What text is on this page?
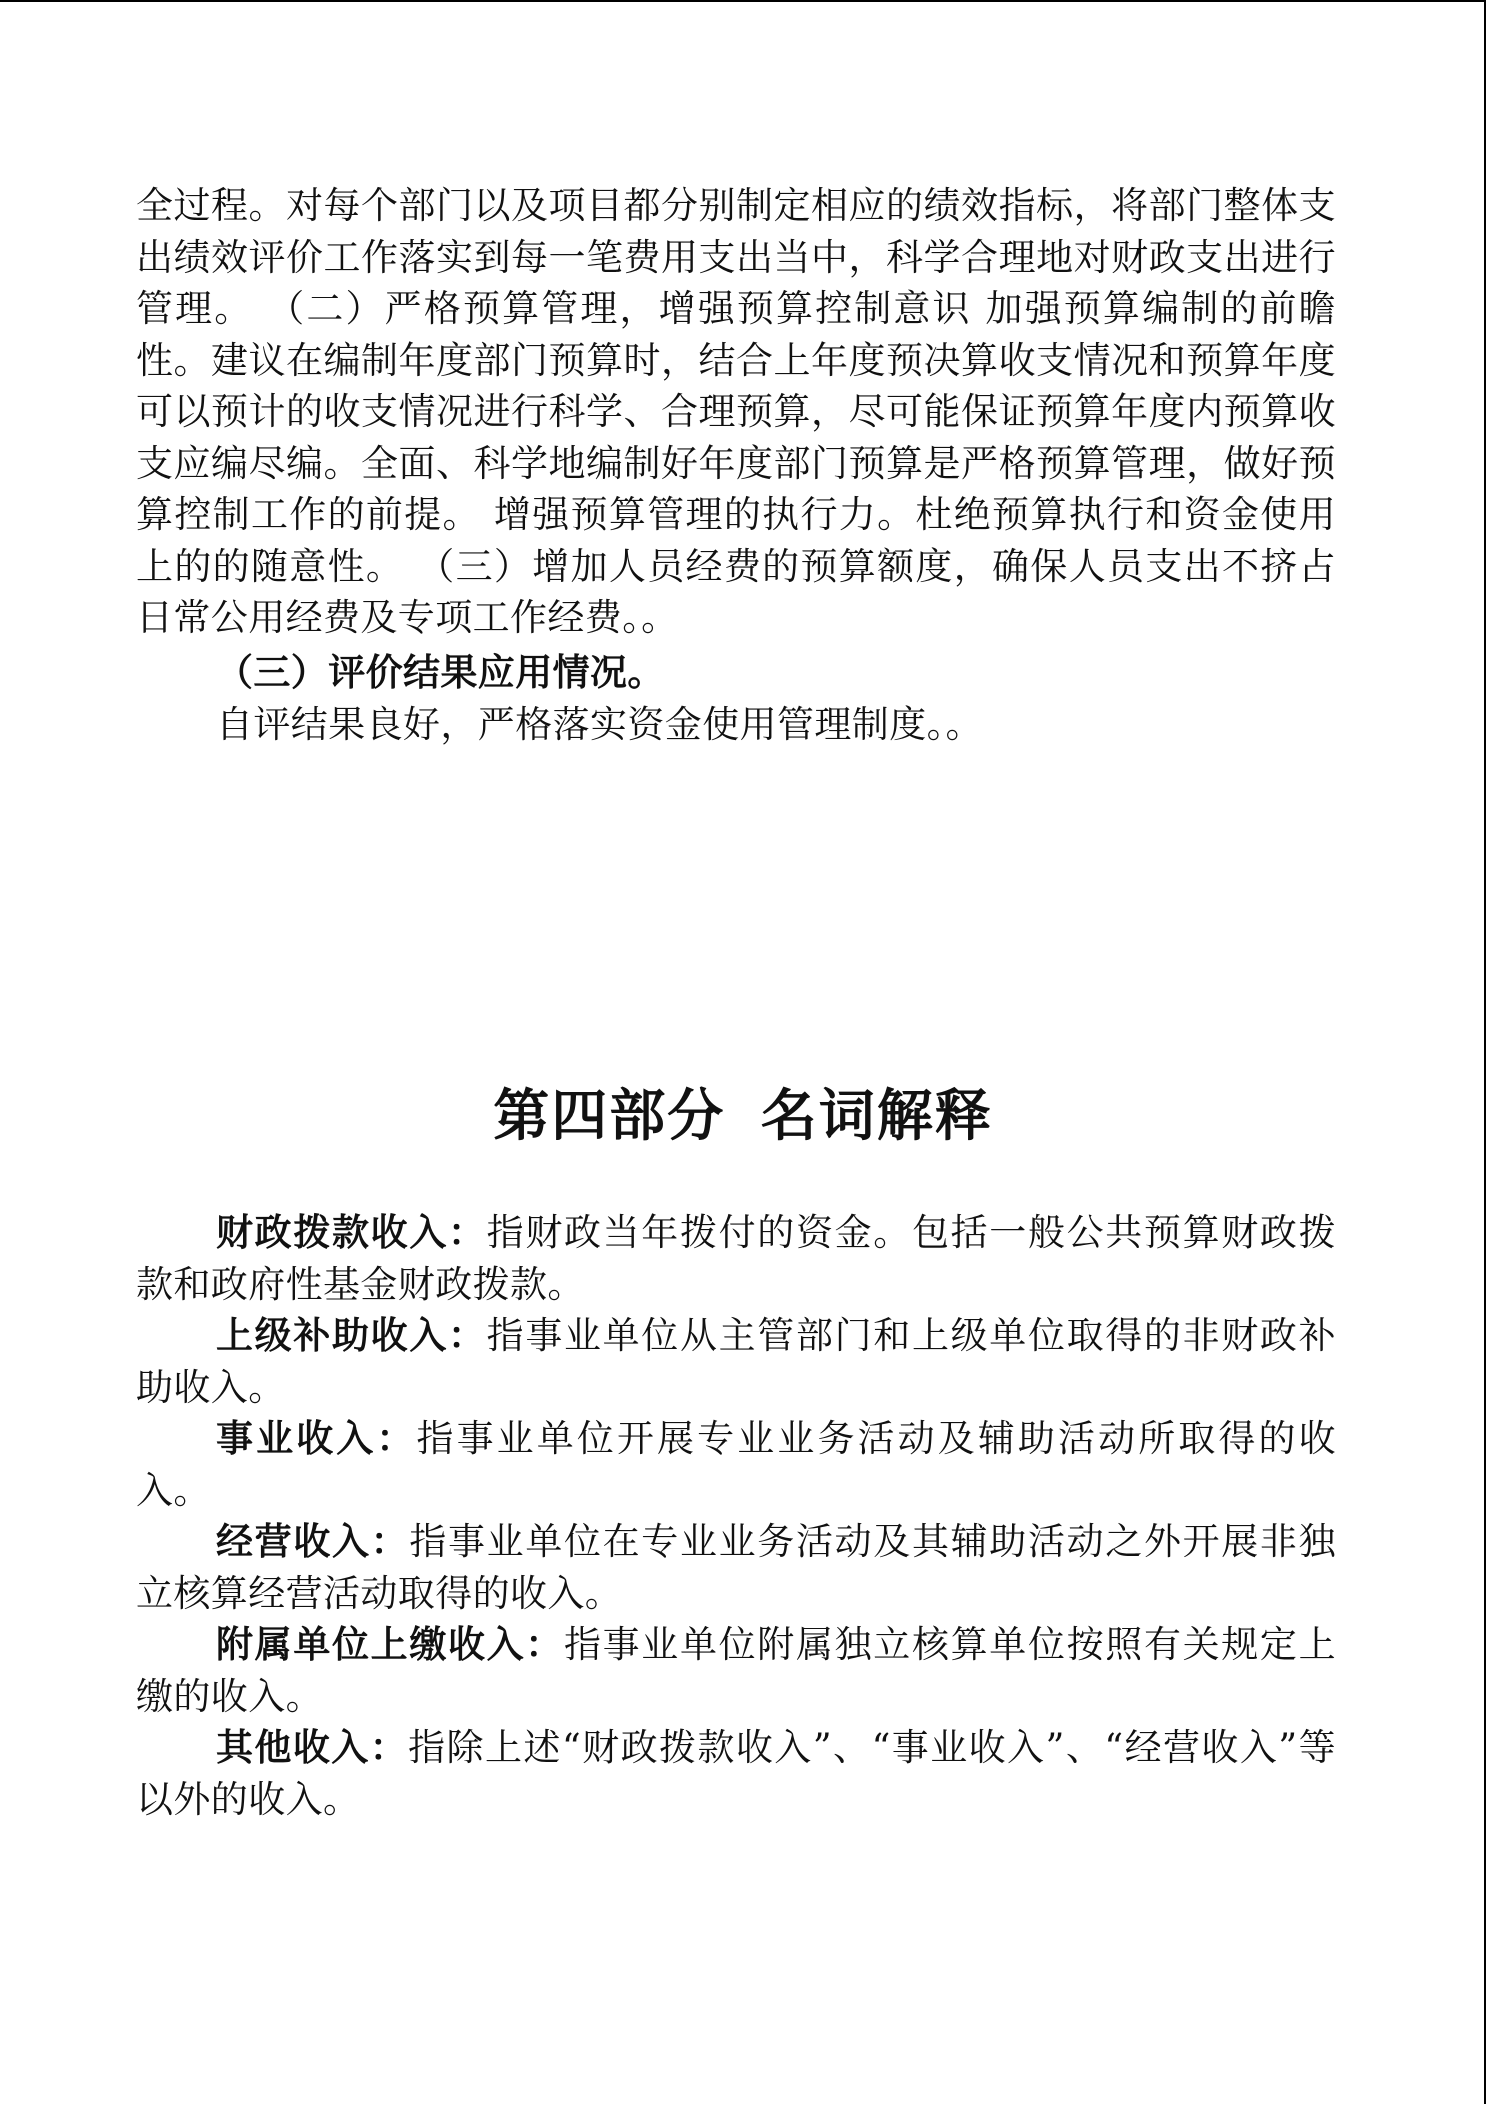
全过程。对每个部门以及项目都分别制定相应的绩效指标，将部门整体支出绩效评价工作落实到每一笔费用支出当中，科学合理地对财政支出进行管理。 （二）严格预算管理，增强预算控制意识 加强预算编制的前瞻性。建议在编制年度部门预算时，结合上年度预决算收支情况和预算年度可以预计的收支情况进行科学、合理预算，尽可能保证预算年度内预算收支应编尽编。全面、科学地编制好年度部门预算是严格预算管理，做好预算控制工作的前提。 增强预算管理的执行力。杜绝预算执行和资金使用上的的随意性。 （三）增加人员经费的预算额度，确保人员支出不挤占日常公用经费及专项工作经费。。

（三）评价结果应用情况。

自评结果良好，严格落实资金使用管理制度。。

第四部分 名词解释

财政拨款收入：指财政当年拨付的资金。包括一般公共预算财政拨款和政府性基金财政拨款。

上级补助收入：指事业单位从主管部门和上级单位取得的非财政补助收入。

事业收入：指事业单位开展专业业务活动及辅助活动所取得的收入。

经营收入：指事业单位在专业业务活动及其辅助活动之外开展非独立核算经营活动取得的收入。

附属单位上缴收入：指事业单位附属独立核算单位按照有关规定上缴的收入。

其他收入：指除上述“财政拨款收入”、“事业收入”、“经营收入”等以外的收入。
